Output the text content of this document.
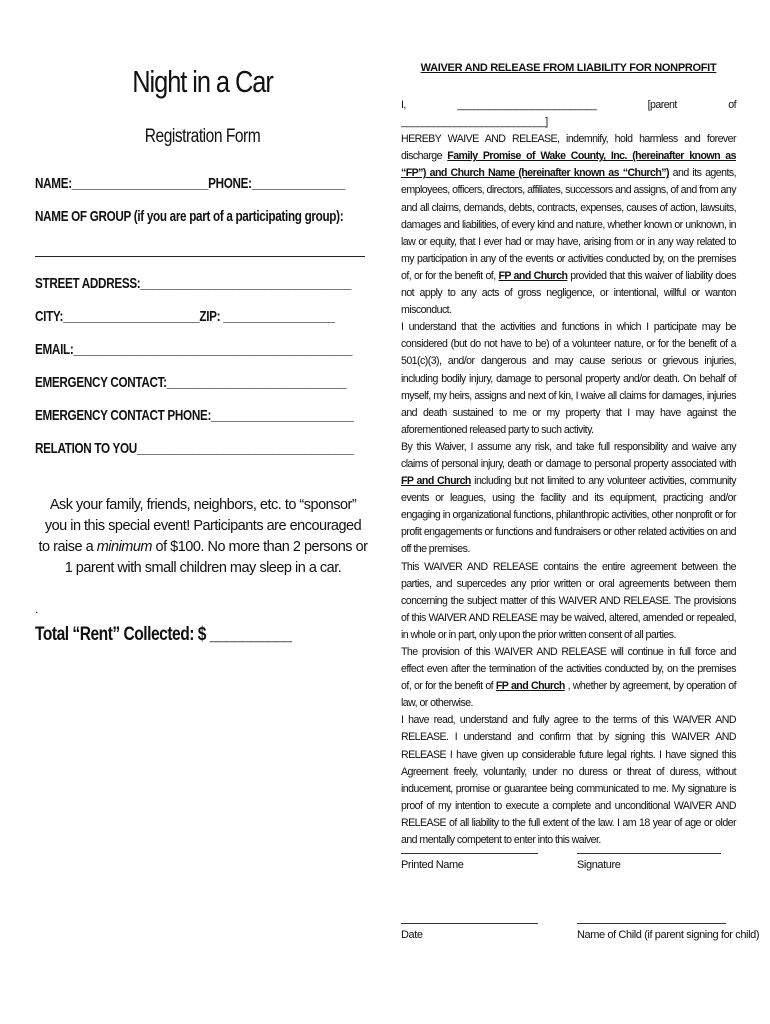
Night in a Car
Registration Form
NAME:______________________PHONE:_______________
NAME OF GROUP (if you are part of a participating group):
STREET ADDRESS:__________________________________
CITY:______________________ZIP: __________________
EMAIL:_____________________________________________
EMERGENCY CONTACT:_____________________________
EMERGENCY CONTACT PHONE:_______________________
RELATION TO YOU___________________________________
Ask your family, friends, neighbors, etc. to “sponsor” you in this special event! Participants are encouraged to raise a minimum of $100. No more than 2 persons or 1 parent with small children may sleep in a car.
.
Total “Rent” Collected: $ __________
WAIVER AND RELEASE FROM LIABILITY FOR NONPROFIT

I, __________________________ [parent of ___________________________]

HEREBY WAIVE AND RELEASE, indemnify, hold harmless and forever discharge Family Promise of Wake County, Inc. (hereinafter known as “FP”) and Church Name (hereinafter known as “Church”) and its agents, employees, officers, directors, affiliates, successors and assigns, of and from any and all claims, demands, debts, contracts, expenses, causes of action, lawsuits, damages and liabilities, of every kind and nature, whether known or unknown, in law or equity, that I ever had or may have, arising from or in any way related to my participation in any of the events or activities conducted by, on the premises of, or for the benefit of, FP and Church provided that this waiver of liability does not apply to any acts of gross negligence, or intentional, willful or wanton misconduct.

I understand that the activities and functions in which I participate may be considered (but do not have to be) of a volunteer nature, or for the benefit of a 501(c)(3), and/or dangerous and may cause serious or grievous injuries, including bodily injury, damage to personal property and/or death. On behalf of myself, my heirs, assigns and next of kin, I waive all claims for damages, injuries and death sustained to me or my property that I may have against the aforementioned released party to such activity.

By this Waiver, I assume any risk, and take full responsibility and waive any claims of personal injury, death or damage to personal property associated with FP and Church including but not limited to any volunteer activities, community events or leagues, using the facility and its equipment, practicing and/or engaging in organizational functions, philanthropic activities, other nonprofit or for profit engagements or functions and fundraisers or other related activities on and off the premises.

This WAIVER AND RELEASE contains the entire agreement between the parties, and supercedes any prior written or oral agreements between them concerning the subject matter of this WAIVER AND RELEASE. The provisions of this WAIVER AND RELEASE may be waived, altered, amended or repealed, in whole or in part, only upon the prior written consent of all parties.

The provision of this WAIVER AND RELEASE will continue in full force and effect even after the termination of the activities conducted by, on the premises of, or for the benefit of FP and Church , whether by agreement, by operation of law, or otherwise.

I have read, understand and fully agree to the terms of this WAIVER AND RELEASE. I understand and confirm that by signing this WAIVER AND RELEASE I have given up considerable future legal rights. I have signed this Agreement freely, voluntarily, under no duress or threat of duress, without inducement, promise or guarantee being communicated to me. My signature is proof of my intention to execute a complete and unconditional WAIVER AND RELEASE of all liability to the full extent of the law. I am 18 year of age or older and mentally competent to enter into this waiver.

Printed Name	Signature
Date	Name of Child (if parent signing for child)
